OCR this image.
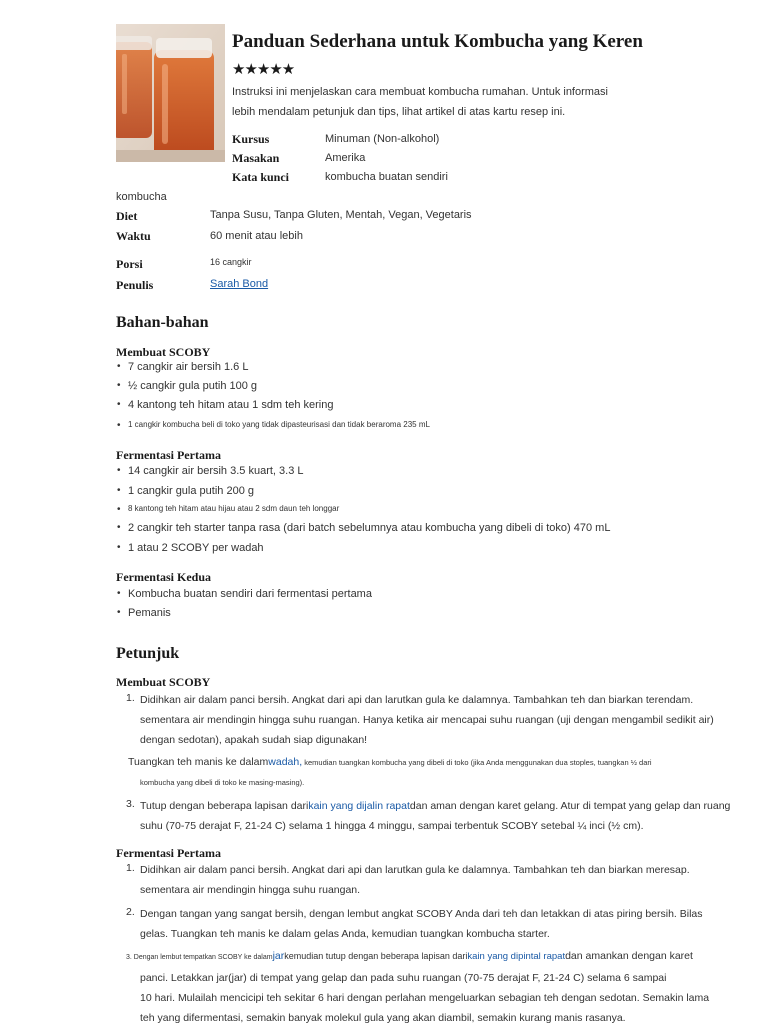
Panduan Sederhana untuk Kombucha yang Keren
★★★★★
Instruksi ini menjelaskan cara membuat kombucha rumahan. Untuk informasi lebih mendalam petunjuk dan tips, lihat artikel di atas kartu resep ini.
Kursus	Minuman (Non-alkohol)
Masakan	Amerika
Kata kunci	kombucha buatan sendiri
kombucha
Diet	Tanpa Susu, Tanpa Gluten, Mentah, Vegan, Vegetaris
Waktu	60 menit atau lebih
Porsi	16 cangkir
Penulis	Sarah Bond
Bahan-bahan
Membuat SCOBY
• 7 cangkir air bersih 1.6 L
• ½ cangkir gula putih 100 g
• 4 kantong teh hitam atau 1 sdm teh kering
• 1 cangkir kombucha beli di toko yang tidak dipasteurisasi dan tidak beraroma 235 mL
Fermentasi Pertama
• 14 cangkir air bersih 3.5 kuart, 3.3 L
• 1 cangkir gula putih 200 g
• 8 kantong teh hitam atau hijau atau 2 sdm daun teh longgar
• 2 cangkir teh starter tanpa rasa (dari batch sebelumnya atau kombucha yang dibeli di toko) 470 mL
• 1 atau 2 SCOBY per wadah
Fermentasi Kedua
• Kombucha buatan sendiri dari fermentasi pertama
• Pemanis
Petunjuk
Membuat SCOBY
1. Didihkan air dalam panci bersih. Angkat dari api dan larutkan gula ke dalamnya. Tambahkan teh dan biarkan terendam.
sementara air mendingin hingga suhu ruangan. Hanya ketika air mencapai suhu ruangan (uji dengan mengambil sedikit air)
dengan sedotan), apakah sudah siap digunakan!
Tuangkan teh manis ke dalamwadah, kemudian tuangkan kombucha yang dibeli di toko (jika Anda menggunakan dua stoples, tuangkan ½ dari
kombucha yang dibeli di toko ke masing-masing).
3. Tutup dengan beberapa lapisan darikain yang dijalin rapatdan aman dengan karet gelang. Atur di tempat yang gelap dan ruang
suhu (70-75 derajat F, 21-24 C) selama 1 hingga 4 minggu, sampai terbentuk SCOBY setebal ¼ inci (½ cm).
Fermentasi Pertama
1. Didihkan air dalam panci bersih. Angkat dari api dan larutkan gula ke dalamnya. Tambahkan teh dan biarkan meresap.
sementara air mendingin hingga suhu ruangan.
2. Dengan tangan yang sangat bersih, dengan lembut angkat SCOBY Anda dari teh dan letakkan di atas piring bersih. Bilas
gelas. Tuangkan teh manis ke dalam gelas Anda, kemudian tuangkan kombucha starter.
3. Dengan lembut tempatkan SCOBY ke dalamjarkemudian tutup dengan beberapa lapisan darikain yang dipintal rapatdan amankan dengan karet
panci. Letakkan jar(jar) di tempat yang gelap dan pada suhu ruangan (70-75 derajat F, 21-24 C) selama 6 sampai
10 hari. Mulailah mencicipi teh sekitar 6 hari dengan perlahan mengeluarkan sebagian teh dengan sedotan. Semakin lama
teh yang difermentasi, semakin banyak molekul gula yang akan diambil, semakin kurang manis rasanya.
